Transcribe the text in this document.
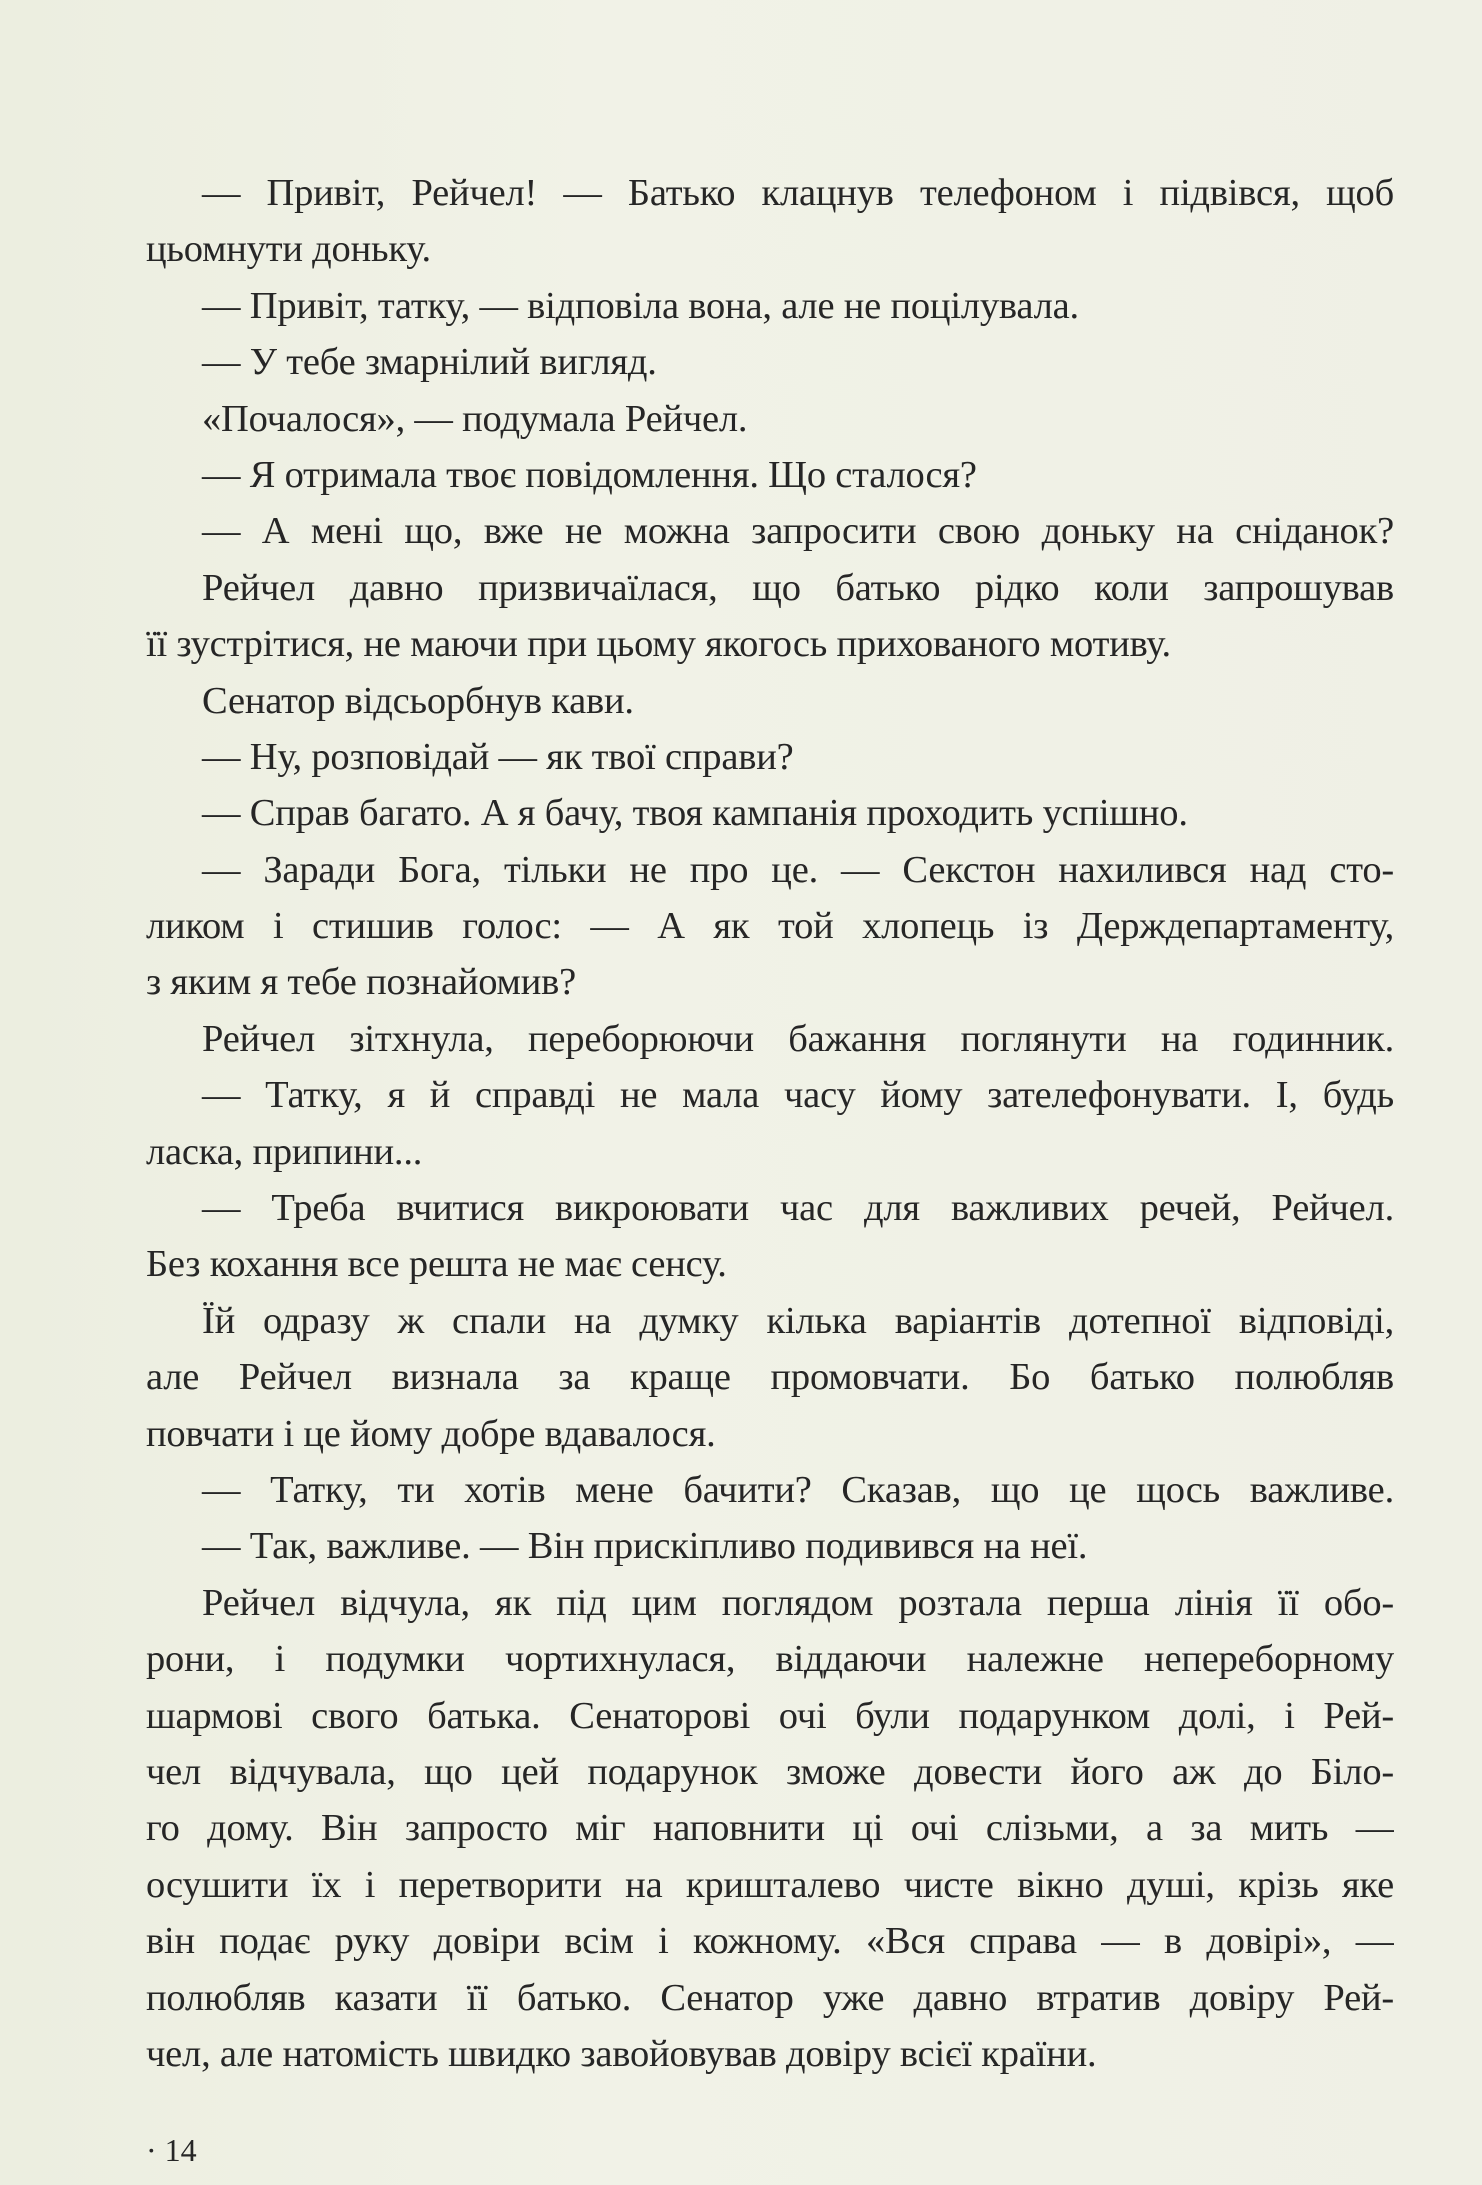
— Привіт, Рейчел! — Батько клацнув телефоном і підвівся, щоб
цьомнути доньку.
— Привіт, татку, — відповіла вона, але не поцілувала.
— У тебе змарнілий вигляд.
«Почалося», — подумала Рейчел.
— Я отримала твоє повідомлення. Що сталося?
— А мені що, вже не можна запросити свою доньку на сніданок?
Рейчел давно призвичаїлася, що батько рідко коли запрошував
її зустрітися, не маючи при цьому якогось прихованого мотиву.
Сенатор відсьорбнув кави.
— Ну, розповідай — як твої справи?
— Справ багато. А я бачу, твоя кампанія проходить успішно.
— Заради Бога, тільки не про це. — Секстон нахилився над сто-
ликом і стишив голос: — А як той хлопець із Держдепартаменту,
з яким я тебе познайомив?
Рейчел зітхнула, переборюючи бажання поглянути на годинник.
— Татку, я й справді не мала часу йому зателефонувати. І, будь
ласка, припини...
— Треба вчитися викроювати час для важливих речей, Рейчел.
Без кохання все решта не має сенсу.
Їй одразу ж спали на думку кілька варіантів дотепної відповіді,
але Рейчел визнала за краще промовчати. Бо батько полюбляв
повчати і це йому добре вдавалося.
— Татку, ти хотів мене бачити? Сказав, що це щось важливе.
— Так, важливе. — Він прискіпливо подивився на неї.
Рейчел відчула, як під цим поглядом розтала перша лінія її обо-
рони, і подумки чортихнулася, віддаючи належне непереборному
шармові свого батька. Сенаторові очі були подарунком долі, і Рей-
чел відчувала, що цей подарунок зможе довести його аж до Біло-
го дому. Він запросто міг наповнити ці очі слізьми, а за мить —
осушити їх і перетворити на кришталево чисте вікно душі, крізь яке
він подає руку довіри всім і кожному. «Вся справа — в довірі», —
полюбляв казати її батько. Сенатор уже давно втратив довіру Рей-
чел, але натомість швидко завойовував довіру всієї країни.
· 14
